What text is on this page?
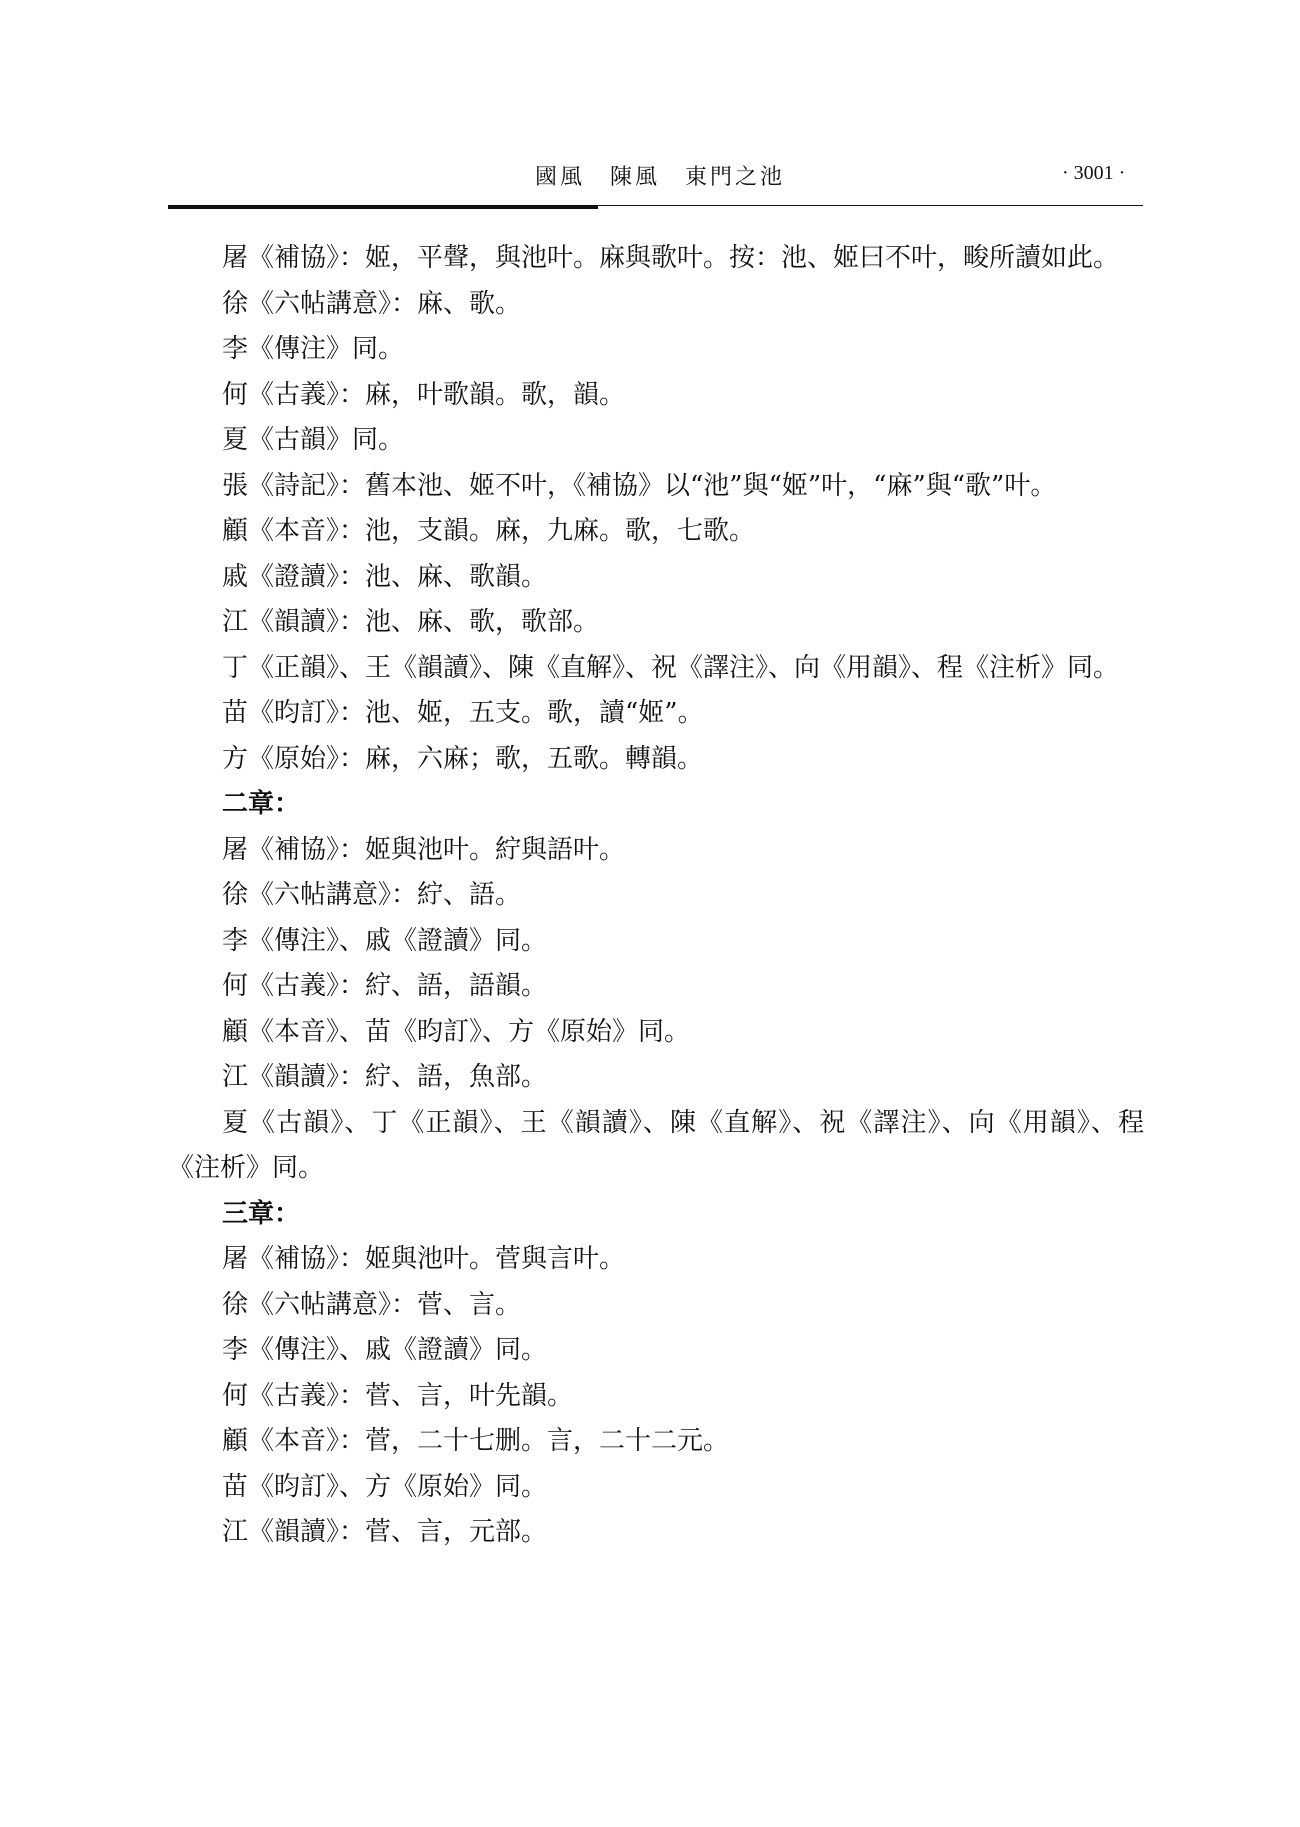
國風　陳風　東門之池	· 3001 ·

屠《補協》：姬，平聲，與池叶。麻與歌叶。按：池、姬曰不叶，畯所讀如此。

徐《六帖講意》：麻、歌。

李《傳注》同。

何《古義》：麻，叶歌韻。歌，韻。

夏《古韻》同。

張《詩記》：舊本池、姬不叶，《補協》以“池”與“姬”叶，“麻”與“歌”叶。

顧《本音》：池，支韻。麻，九麻。歌，七歌。

戚《證讀》：池、麻、歌韻。

江《韻讀》：池、麻、歌，歌部。

丁《正韻》、王《韻讀》、陳《直解》、祝《譯注》、向《用韻》、程《注析》同。

苗《昀訂》：池、姬，五支。歌，讀“姬”。

方《原始》：麻，六麻；歌，五歌。轉韻。

二章：

屠《補協》：姬與池叶。紵與語叶。

徐《六帖講意》：紵、語。

李《傳注》、戚《證讀》同。

何《古義》：紵、語，語韻。

顧《本音》、苗《昀訂》、方《原始》同。

江《韻讀》：紵、語，魚部。

夏《古韻》、丁《正韻》、王《韻讀》、陳《直解》、祝《譯注》、向《用韻》、程《注析》同。

三章：

屠《補協》：姬與池叶。菅與言叶。

徐《六帖講意》：菅、言。

李《傳注》、戚《證讀》同。

何《古義》：菅、言，叶先韻。

顧《本音》：菅，二十七删。言，二十二元。

苗《昀訂》、方《原始》同。

江《韻讀》：菅、言，元部。
